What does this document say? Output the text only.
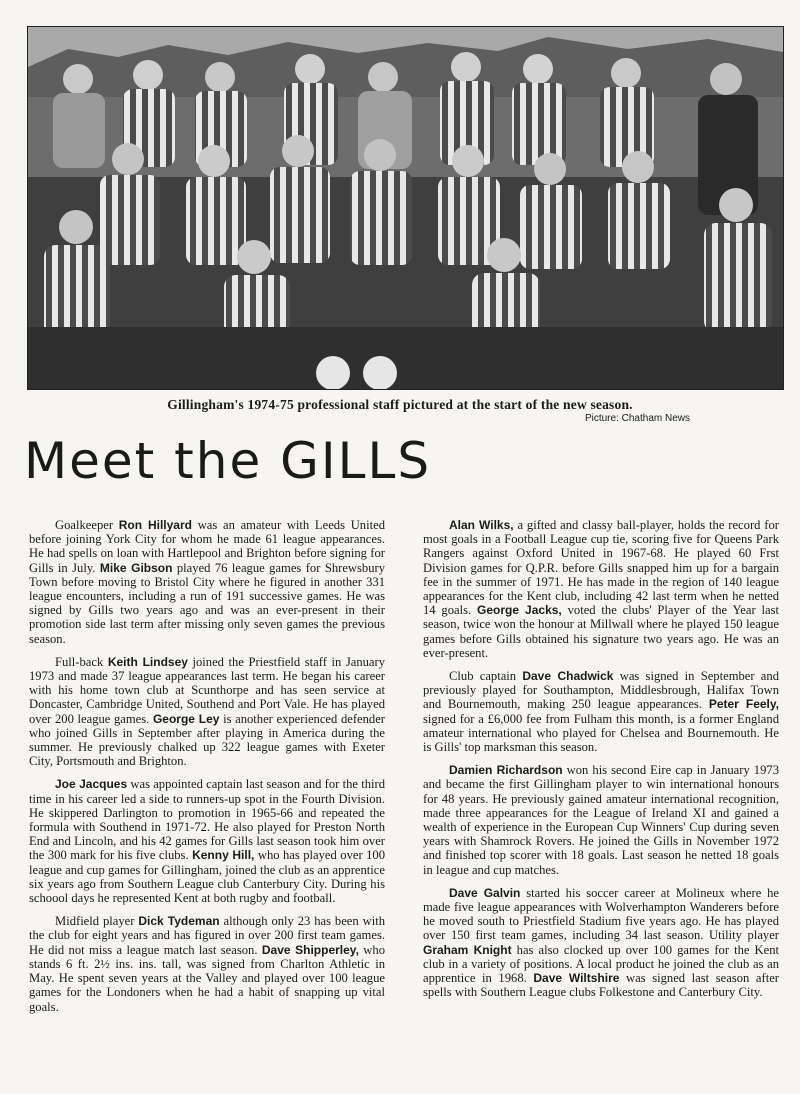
Gillingham's 1974-75 professional staff pictured at the start of the new season.
Picture: Chatham News
Meet the GILLS

Goalkeeper Ron Hillyard was an amateur with Leeds United before joining York City for whom he made 61 league appearances. He had spells on loan with Hartlepool and Brighton before signing for Gills in July. Mike Gibson played 76 league games for Shrewsbury Town before moving to Bristol City where he figured in another 331 league encounters, including a run of 191 successive games. He was signed by Gills two years ago and was an ever-present in their promotion side last term after missing only seven games the previous season.

Full-back Keith Lindsey joined the Priestfield staff in January 1973 and made 37 league appearances last term. He began his career with his home town club at Scunthorpe and has seen service at Doncaster, Cambridge United, Southend and Port Vale. He has played over 200 league games. George Ley is another experienced defender who joined Gills in September after playing in America during the summer. He previously chalked up 322 league games with Exeter City, Portsmouth and Brighton.

Joe Jacques was appointed captain last season and for the third time in his career led a side to runners-up spot in the Fourth Division. He skippered Darlington to promotion in 1965-66 and repeated the formula with Southend in 1971-72. He also played for Preston North End and Lincoln, and his 42 games for Gills last season took him over the 300 mark for his five clubs. Kenny Hill, who has played over 100 league and cup games for Gillingham, joined the club as an apprentice six years ago from Southern League club Canterbury City. During his schoool days he represented Kent at both rugby and football.

Midfield player Dick Tydeman although only 23 has been with the club for eight years and has figured in over 200 first team games. He did not miss a league match last season. Dave Shipperley, who stands 6 ft. 2½ ins. ins. tall, was signed from Charlton Athletic in May. He spent seven years at the Valley and played over 100 league games for the Londoners when he had a habit of snapping up vital goals.

Alan Wilks, a gifted and classy ball-player, holds the record for most goals in a Football League cup tie, scoring five for Queens Park Rangers against Oxford United in 1967-68. He played 60 Frst Division games for Q.P.R. before Gills snapped him up for a bargain fee in the summer of 1971. He has made in the region of 140 league appearances for the Kent club, including 42 last term when he netted 14 goals. George Jacks, voted the clubs' Player of the Year last season, twice won the honour at Millwall where he played 150 league games before Gills obtained his signature two years ago. He was an ever-present.

Club captain Dave Chadwick was signed in September and previously played for Southampton, Middlesbrough, Halifax Town and Bournemouth, making 250 league appearances. Peter Feely, signed for a £6,000 fee from Fulham this month, is a former England amateur international who played for Chelsea and Bournemouth. He is Gills' top marksman this season.

Damien Richardson won his second Eire cap in January 1973 and became the first Gillingham player to win international honours for 48 years. He previously gained amateur international recognition, made three appearances for the League of Ireland XI and gained a wealth of experience in the European Cup Winners' Cup during seven years with Shamrock Rovers. He joined the Gills in November 1972 and finished top scorer with 18 goals. Last season he netted 18 goals in league and cup matches.

Dave Galvin started his soccer career at Molineux where he made five league appearances with Wolverhampton Wanderers before he moved south to Priestfield Stadium five years ago. He has played over 150 first team games, including 34 last season. Utility player Graham Knight has also clocked up over 100 games for the Kent club in a variety of positions. A local product he joined the club as an apprentice in 1968. Dave Wiltshire was signed last season after spells with Southern League clubs Folkestone and Canterbury City.
